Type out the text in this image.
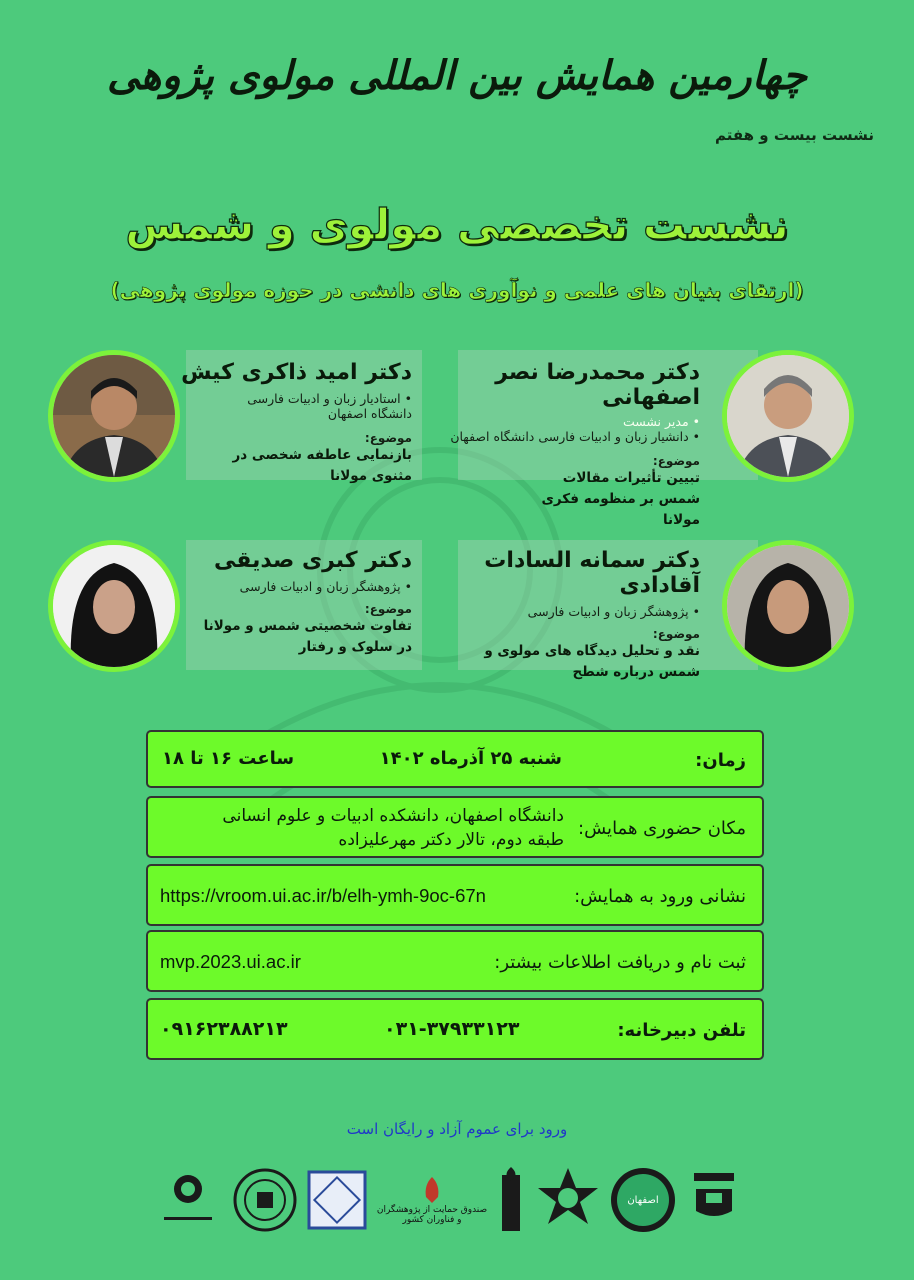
چهارمین همایش بین المللی مولوی پژوهی
نشست بیست و هفتم
نشست تخصصی مولوی و شمس
(ارتقای بنیان های علمی و نوآوری های دانشی در حوزه مولوی پژوهی)
دکتر محمدرضا نصر اصفهانی
• مدیر نشست
• دانشیار زبان و ادبیات فارسی دانشگاه اصفهان
موضوع:
تبیین تأثیرات مقالات شمس بر منظومه فکری مولانا
دکتر امید ذاکری کیش
• استادیار زبان و ادبیات فارسی
دانشگاه اصفهان
موضوع:
بازنمایی عاطفه شخصی در مثنوی مولانا
دکتر سمانه السادات آقادادی
• پژوهشگر زبان و ادبیات فارسی
موضوع:
نقد و تحلیل دیدگاه های مولوی و شمس درباره شطح
دکتر کبری صدیقی
• پژوهشگر زبان و ادبیات فارسی
موضوع:
تفاوت شخصیتی شمس و مولانا در سلوک و رفتار
زمان:
شنبه ۲۵ آذرماه ۱۴۰۲
ساعت ۱۶ تا ۱۸
مکان حضوری همایش:
دانشگاه اصفهان، دانشکده ادبیات و علوم انسانی
طبقه دوم، تالار دکتر مهرعلیزاده
نشانی ورود به همایش:
https://vroom.ui.ac.ir/b/elh-ymh-9oc-67n
ثبت نام و دریافت اطلاعات بیشتر:
mvp.2023.ui.ac.ir
تلفن دبیرخانه:
۰۳۱-۳۷۹۳۳۱۲۳
۰۹۱۶۲۳۸۸۲۱۳
ورود برای عموم آزاد و رایگان است
صندوق حمایت از پژوهشگران و فناوران کشور
اصفهان
